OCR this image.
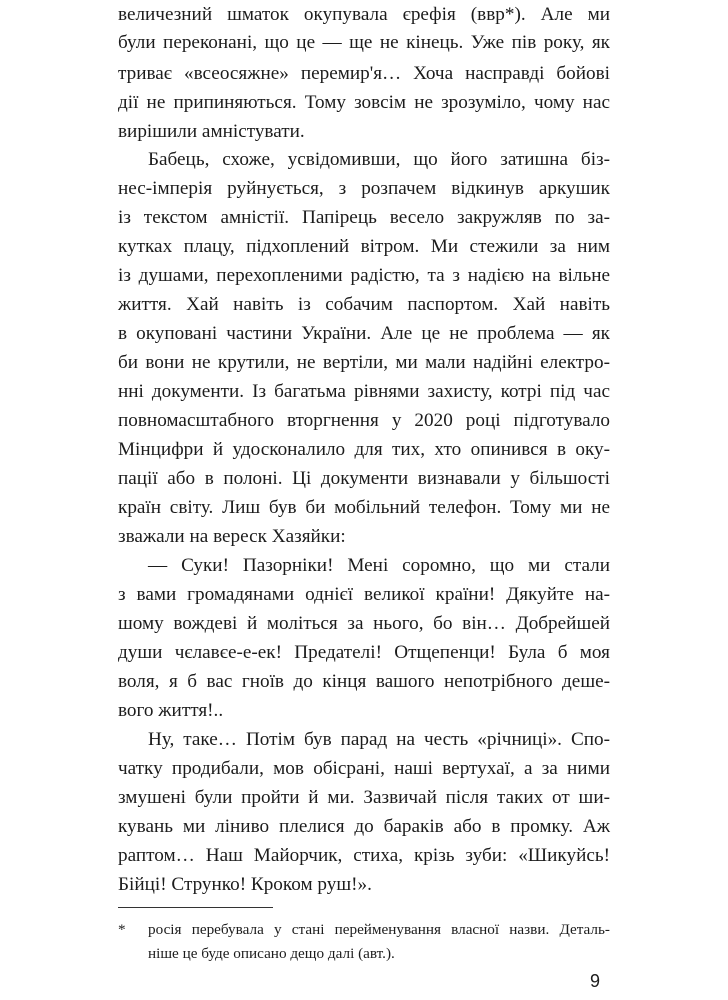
величезний шматок окупувала єрефія (ввр*). Але ми
були переконані, що це — ще не кінець. Уже пів року, як
триває «всеосяжне» перемир'я… Хоча насправді бойові
дії не припиняються. Тому зовсім не зрозуміло, чому нас
вирішили амністувати.
Бабець, схоже, усвідомивши, що його затишна біз-
нес-імперія руйнується, з розпачем відкинув аркушик
із текстом амністії. Папірець весело закружляв по за-
кутках плацу, підхоплений вітром. Ми стежили за ним
із душами, перехопленими радістю, та з надією на вільне
життя. Хай навіть із собачим паспортом. Хай навіть
в окуповані частини України. Але це не проблема — як
би вони не крутили, не вертіли, ми мали надійні електро-
нні документи. Із багатьма рівнями захисту, котрі під час
повномасштабного вторгнення у 2020 році підготувало
Мінцифри й удосконалило для тих, хто опинився в оку-
пації або в полоні. Ці документи визнавали у більшості
країн світу. Лиш був би мобільний телефон. Тому ми не
зважали на вереск Хазяйки:
— Суки! Пазорніки! Мені соромно, що ми стали
з вами громадянами однієї великої країни! Дякуйте на-
шому вождеві й моліться за нього, бо він… Добрейшей
души чєлавєе-е-ек! Предателі! Отщепенци! Була б моя
воля, я б вас гноїв до кінця вашого непотрібного деше-
вого життя!..
Ну, таке… Потім був парад на честь «річниці». Спо-
чатку продибали, мов обісрані, наші вертухаї, а за ними
змушені були пройти й ми. Зазвичай після таких от ши-
кувань ми ліниво плелися до бараків або в промку. Аж
раптом… Наш Майорчик, стиха, крізь зуби: «Шикуйсь!
Бійці! Струнко! Кроком руш!».
*	росія перебувала у стані перейменування власної назви. Деталь-
ніше це буде описано дещо далі (авт.).
9
